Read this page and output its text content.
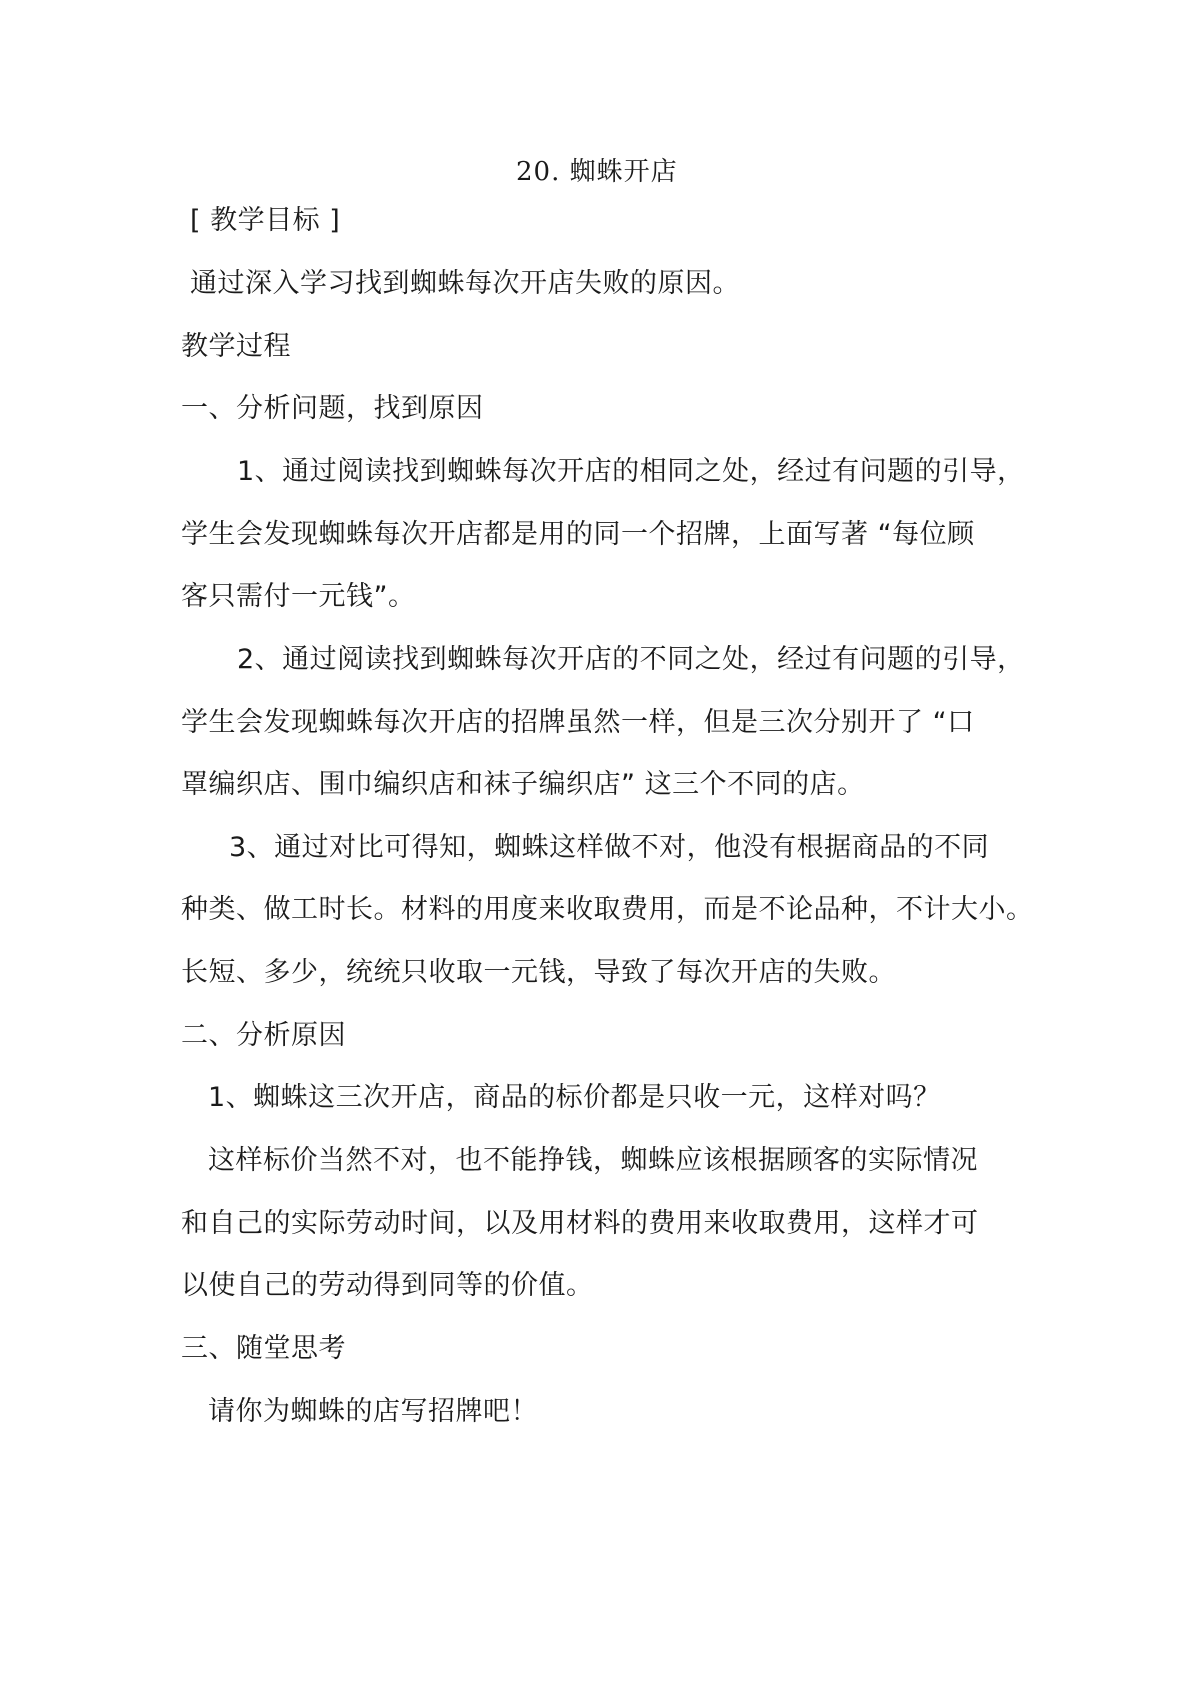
20. 蜘蛛开店
[ 教学目标 ]
通过深入学习找到蜘蛛每次开店失败的原因。
教学过程
一、分析问题，找到原因
1、通过阅读找到蜘蛛每次开店的相同之处，经过有问题的引导，
学生会发现蜘蛛每次开店都是用的同一个招牌，上面写著 “每位顾
客只需付一元钱”。
2、通过阅读找到蜘蛛每次开店的不同之处，经过有问题的引导，
学生会发现蜘蛛每次开店的招牌虽然一样，但是三次分别开了 “口
罩编织店、围巾编织店和袜子编织店” 这三个不同的店。
3、通过对比可得知，蜘蛛这样做不对，他没有根据商品的不同
种类、做工时长。材料的用度来收取费用，而是不论品种，不计大小。
长短、多少，统统只收取一元钱，导致了每次开店的失败。
二、分析原因
1、蜘蛛这三次开店，商品的标价都是只收一元，这样对吗？
这样标价当然不对，也不能挣钱，蜘蛛应该根据顾客的实际情况
和自己的实际劳动时间，以及用材料的费用来收取费用，这样才可
以使自己的劳动得到同等的价值。
三、随堂思考
请你为蜘蛛的店写招牌吧！
